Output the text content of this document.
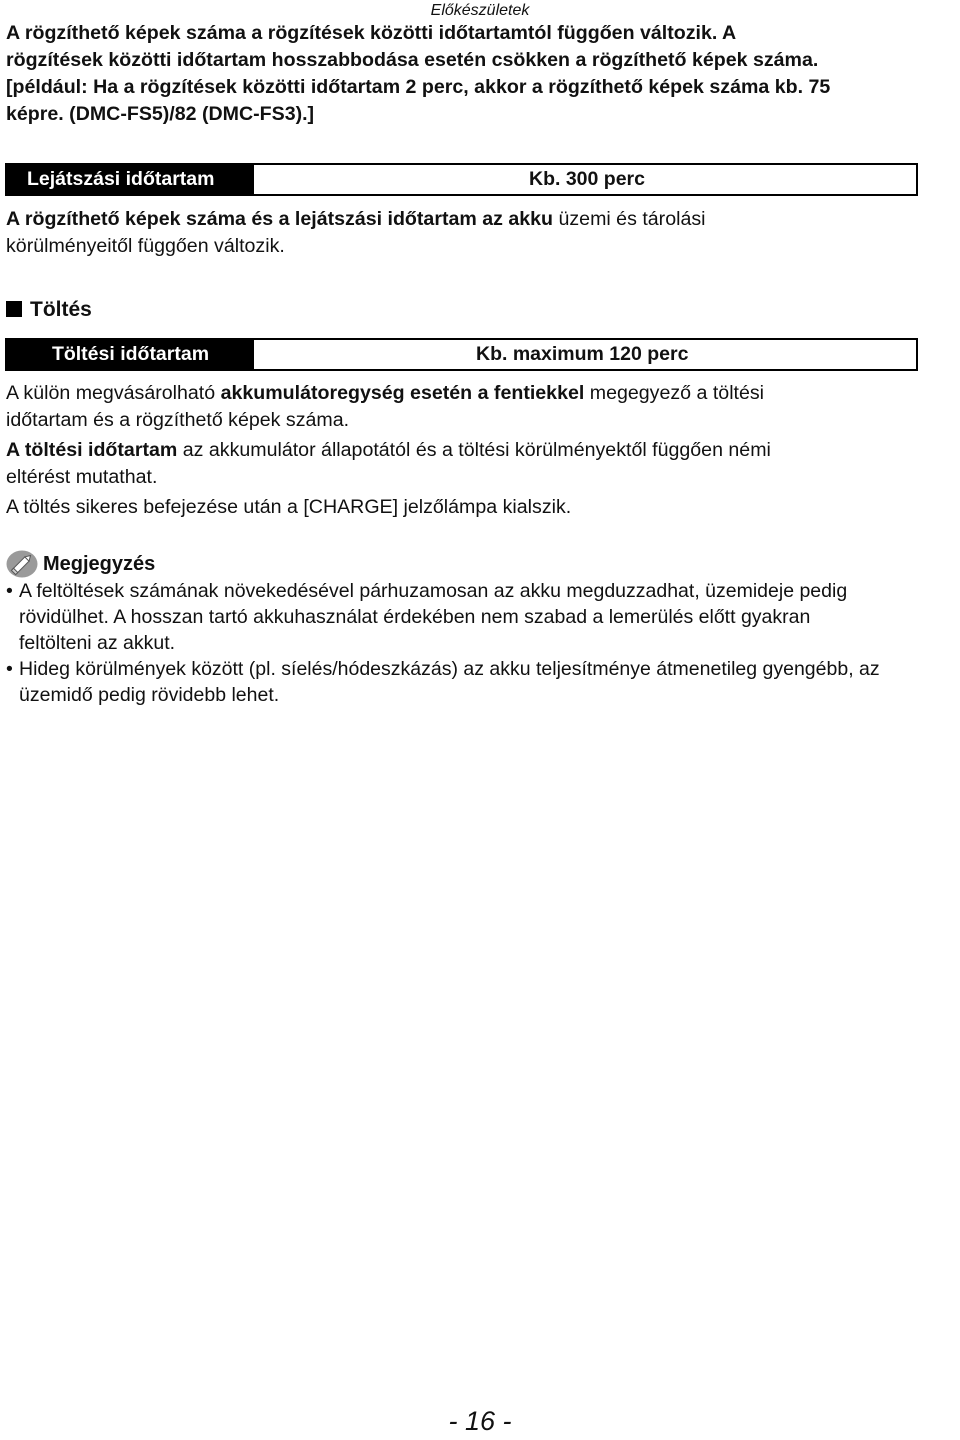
Előkészületek
A rögzíthető képek száma a rögzítések közötti időtartamtól függően változik. A
rögzítések közötti időtartam hosszabbodása esetén csökken a rögzíthető képek száma.
[például: Ha a rögzítések közötti időtartam 2 perc, akkor a rögzíthető képek száma kb. 75
képre. (DMC-FS5)/82 (DMC-FS3).]
Lejátszási időtartam	Kb. 300 perc
A rögzíthető képek száma és a lejátszási időtartam az akku üzemi és tárolási
körülményeitől függően változik.
Töltés
Töltési időtartam	Kb. maximum 120 perc
A külön megvásárolható akkumulátoregység esetén a fentiekkel megegyező a töltési
időtartam és a rögzíthető képek száma.
A töltési időtartam az akkumulátor állapotától és a töltési körülményektől függően némi
eltérést mutathat.
A töltés sikeres befejezése után a [CHARGE] jelzőlámpa kialszik.
Megjegyzés
• A feltöltések számának növekedésével párhuzamosan az akku megduzzadhat, üzemideje pedig
rövidülhet. A hosszan tartó akkuhasználat érdekében nem szabad a lemerülés előtt gyakran
feltölteni az akkut.
• Hideg körülmények között (pl. síelés/hódeszkázás) az akku teljesítménye átmenetileg gyengébb, az
üzemidő pedig rövidebb lehet.
- 16 -
